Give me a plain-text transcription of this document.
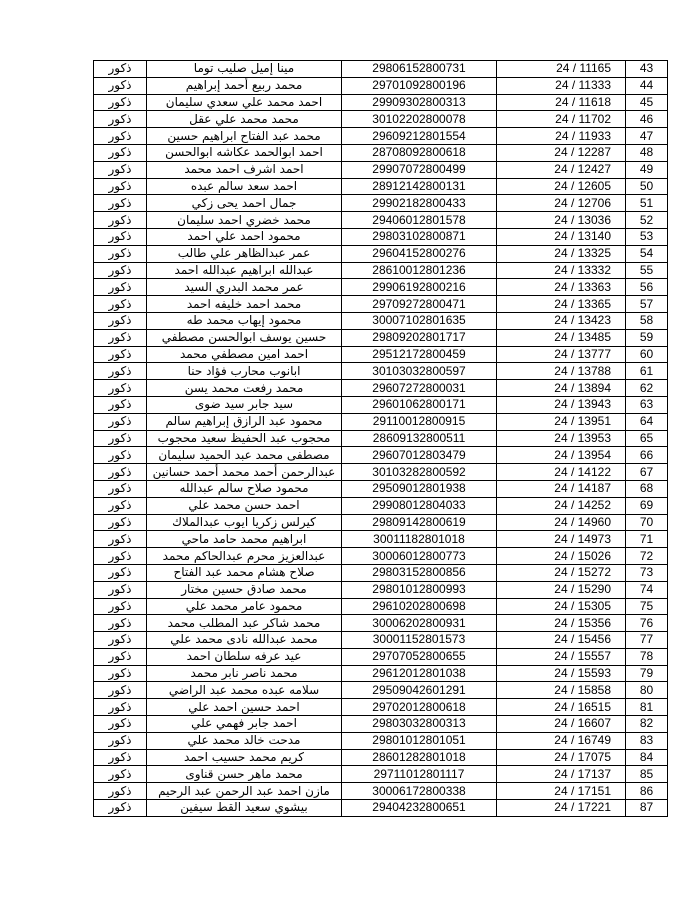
ذكور	مينا إميل صليب توما	29806152800731	24 / 11165	43
ذكور	محمد ربيع أحمد إبراهيم	29701092800196	24 / 11333	44
ذكور	احمد محمد علي سعدي سليمان	29909302800313	24 / 11618	45
ذكور	محمد محمد علي عقل	30102202800078	24 / 11702	46
ذكور	محمد عبد الفتاح ابراهيم حسين	29609212801554	24 / 11933	47
ذكور	احمد ابوالحمد عكاشه ابوالحسن	28708092800618	24 / 12287	48
ذكور	احمد اشرف احمد محمد	29907072800499	24 / 12427	49
ذكور	احمد سعد سالم عبده	28912142800131	24 / 12605	50
ذكور	جمال احمد يحى زكي	29902182800433	24 / 12706	51
ذكور	محمد خضري احمد سليمان	29406012801578	24 / 13036	52
ذكور	محمود احمد علي احمد	29803102800871	24 / 13140	53
ذكور	عمر عبدالظاهر علي طالب	29604152800276	24 / 13325	54
ذكور	عبدالله ابراهيم عبدالله احمد	28610012801236	24 / 13332	55
ذكور	عمر محمد البدري السيد	29906192800216	24 / 13363	56
ذكور	محمد احمد خليفه احمد	29709272800471	24 / 13365	57
ذكور	محمود إيهاب محمد طه	30007102801635	24 / 13423	58
ذكور	حسين يوسف ابوالحسن مصطفي	29809202801717	24 / 13485	59
ذكور	احمد امين مصطفي محمد	29512172800459	24 / 13777	60
ذكور	ابانوب محارب فؤاد حنا	30103032800597	24 / 13788	61
ذكور	محمد رفعت محمد يسن	29607272800031	24 / 13894	62
ذكور	سيد جابر سيد ضوى	29601062800171	24 / 13943	63
ذكور	محمود عبد الرازق إبراهيم سالم	29110012800915	24 / 13951	64
ذكور	محجوب عبد الحفيظ سعيد محجوب	28609132800511	24 / 13953	65
ذكور	مصطفى محمد عبد الحميد سليمان	29607012803479	24 / 13954	66
ذكور	عبدالرحمن أحمد محمد أحمد حسانين	30103282800592	24 / 14122	67
ذكور	محمود صلاح سالم عبدالله	29509012801938	24 / 14187	68
ذكور	احمد حسن محمد علي	29908012804033	24 / 14252	69
ذكور	كيرلس زكريا ايوب عبدالملاك	29809142800619	24 / 14960	70
ذكور	ابراهيم محمد حامد ماحي	30011182801018	24 / 14973	71
ذكور	عبدالعزيز محرم عبدالحاكم محمد	30006012800773	24 / 15026	72
ذكور	صلاح هشام محمد عبد الفتاح	29803152800856	24 / 15272	73
ذكور	محمد صادق حسين مختار	29801012800993	24 / 15290	74
ذكور	محمود عامر محمد علي	29610202800698	24 / 15305	75
ذكور	محمد شاكر عبد المطلب محمد	30006202800931	24 / 15356	76
ذكور	محمد عبدالله نادى محمد علي	30001152801573	24 / 15456	77
ذكور	عيد عرفه سلطان احمد	29707052800655	24 / 15557	78
ذكور	محمد ناصر نابر محمد	29612012801038	24 / 15593	79
ذكور	سلامه عبده محمد عبد الراضي	29509042601291	24 / 15858	80
ذكور	احمد حسين احمد علي	29702012800618	24 / 16515	81
ذكور	احمد جابر فهمي علي	29803032800313	24 / 16607	82
ذكور	مدحت خالد محمد علي	29801012801051	24 / 16749	83
ذكور	كريم محمد حسيب احمد	28601282801018	24 / 17075	84
ذكور	محمد ماهر حسن قناوى	29711012801117	24 / 17137	85
ذكور	مازن احمد عبد الرحمن عبد الرحيم	30006172800338	24 / 17151	86
ذكور	بيشوي سعيد القط سيفين	29404232800651	24 / 17221	87
